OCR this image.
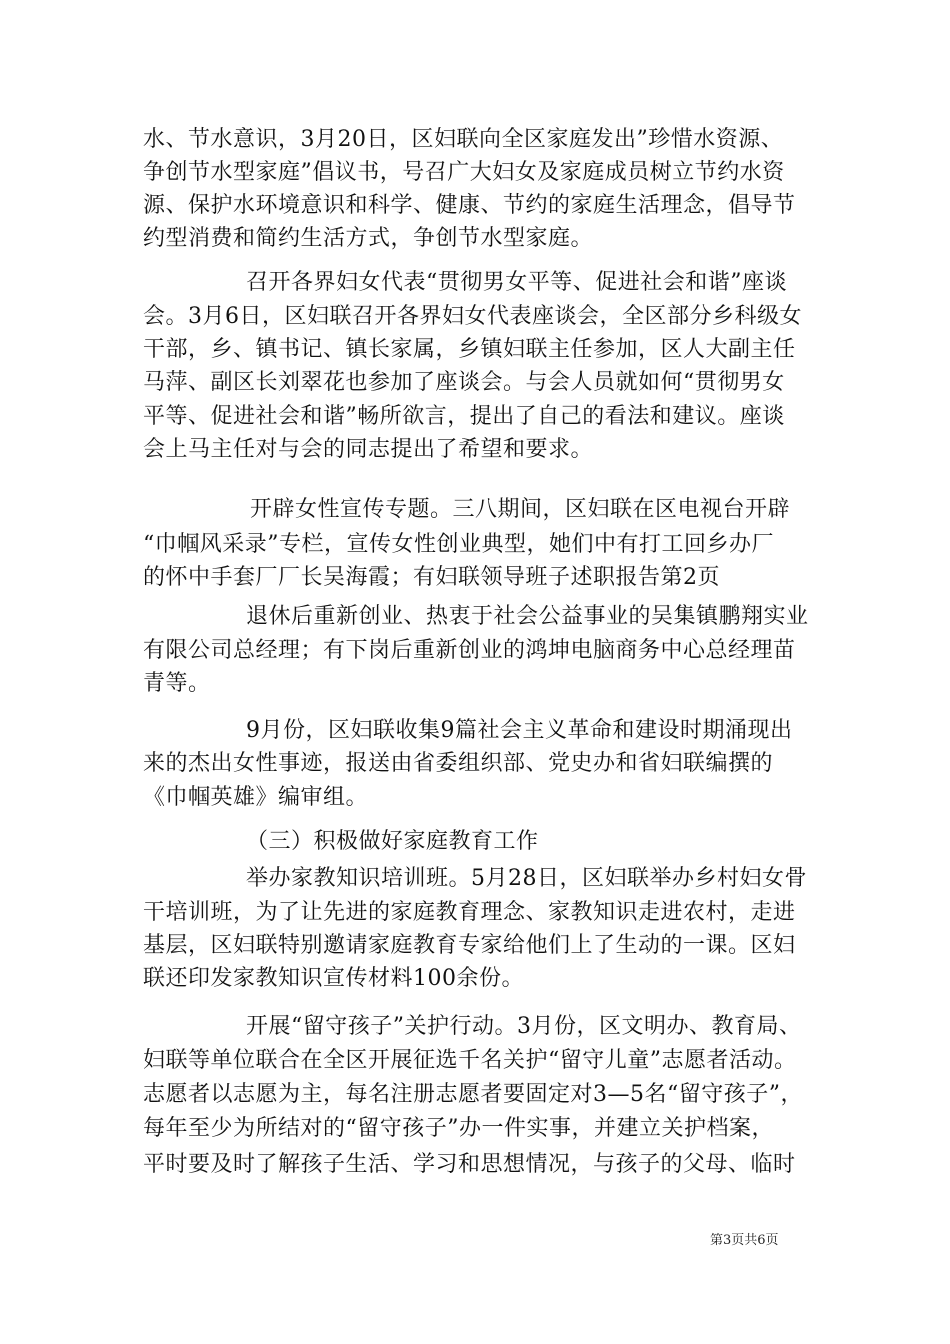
水、节水意识，3月20日，区妇联向全区家庭发出”珍惜水资源、
争创节水型家庭”倡议书，号召广大妇女及家庭成员树立节约水资
源、保护水环境意识和科学、健康、节约的家庭生活理念，倡导节
约型消费和简约生活方式，争创节水型家庭。
召开各界妇女代表“贯彻男女平等、促进社会和谐”座谈
会。3月6日，区妇联召开各界妇女代表座谈会，全区部分乡科级女
干部，乡、镇书记、镇长家属，乡镇妇联主任参加，区人大副主任
马萍、副区长刘翠花也参加了座谈会。与会人员就如何“贯彻男女
平等、促进社会和谐”畅所欲言，提出了自己的看法和建议。座谈
会上马主任对与会的同志提出了希望和要求。
开辟女性宣传专题。三八期间，区妇联在区电视台开辟
“巾帼风采录”专栏，宣传女性创业典型，她们中有打工回乡办厂
的怀中手套厂厂长吴海霞；有妇联领导班子述职报告第2页
退休后重新创业、热衷于社会公益事业的吴集镇鹏翔实业
有限公司总经理；有下岗后重新创业的鸿坤电脑商务中心总经理苗
青等。
9月份，区妇联收集9篇社会主义革命和建设时期涌现出
来的杰出女性事迹，报送由省委组织部、党史办和省妇联编撰的
《巾帼英雄》编审组。
（三）积极做好家庭教育工作
举办家教知识培训班。5月28日，区妇联举办乡村妇女骨
干培训班，为了让先进的家庭教育理念、家教知识走进农村，走进
基层，区妇联特别邀请家庭教育专家给他们上了生动的一课。区妇
联还印发家教知识宣传材料100余份。
开展“留守孩子”关护行动。3月份，区文明办、教育局、
妇联等单位联合在全区开展征选千名关护“留守儿童”志愿者活动。
志愿者以志愿为主，每名注册志愿者要固定对3—5名“留守孩子”，
每年至少为所结对的“留守孩子”办一件实事，并建立关护档案，
平时要及时了解孩子生活、学习和思想情况，与孩子的父母、临时
第3页共6页
